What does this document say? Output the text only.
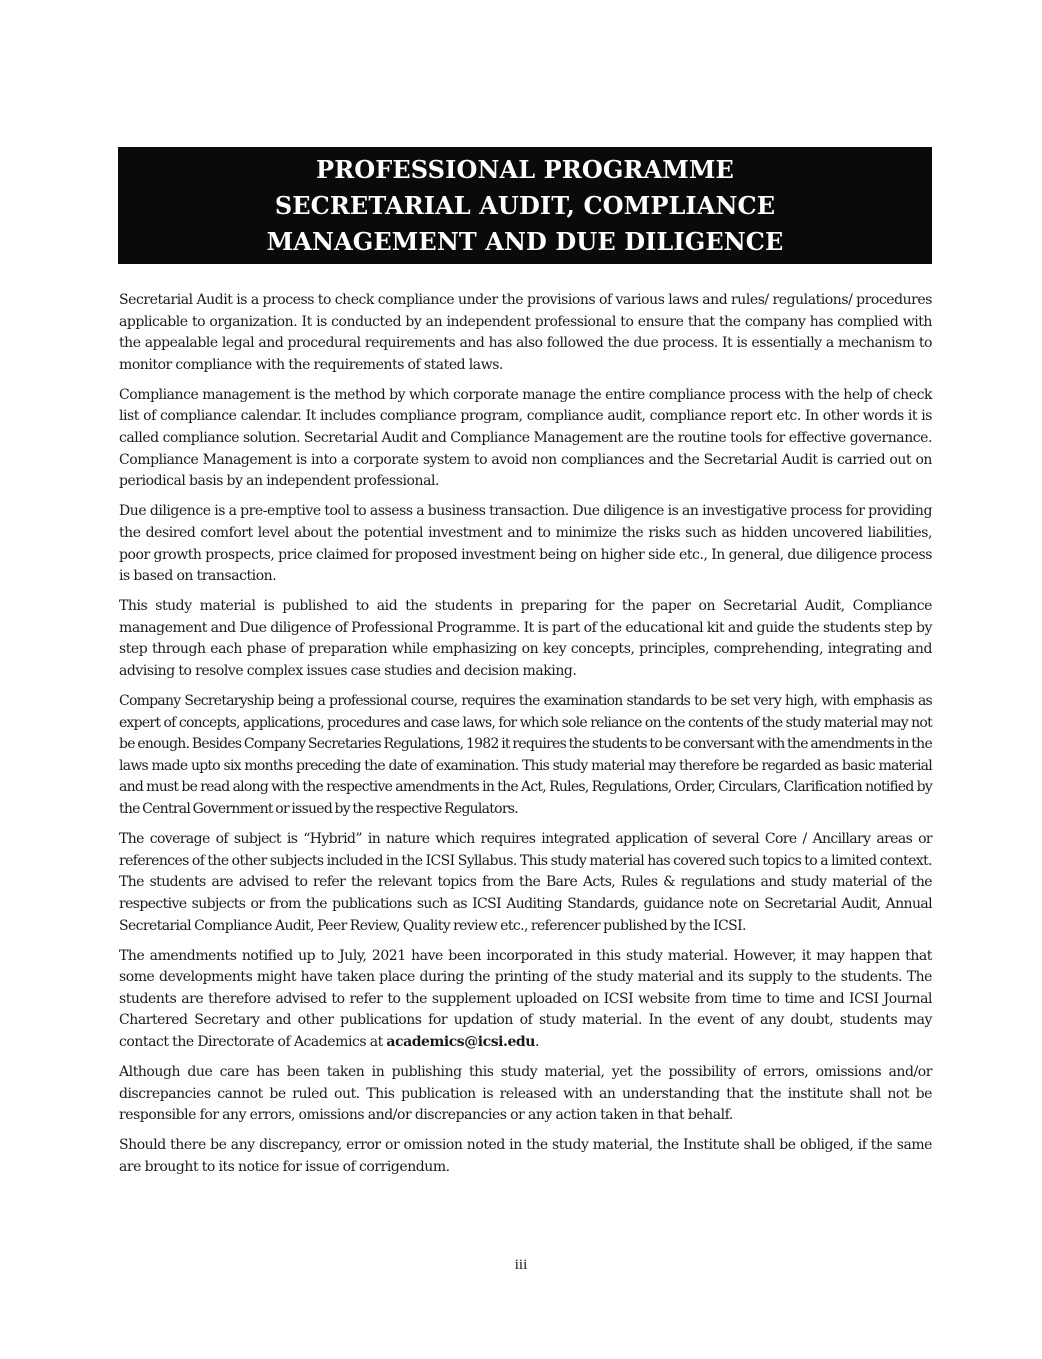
PROFESSIONAL PROGRAMME
SECRETARIAL AUDIT, COMPLIANCE
MANAGEMENT AND DUE DILIGENCE

Secretarial Audit is a process to check compliance under the provisions of various laws and rules/ regulations/ procedures applicable to organization. It is conducted by an independent professional to ensure that the company has complied with the appealable legal and procedural requirements and has also followed the due process. It is essentially a mechanism to monitor compliance with the requirements of stated laws.

Compliance management is the method by which corporate manage the entire compliance process with the help of check list of compliance calendar. It includes compliance program, compliance audit, compliance report etc. In other words it is called compliance solution. Secretarial Audit and Compliance Management are the routine tools for effective governance. Compliance Management is into a corporate system to avoid non compliances and the Secretarial Audit is carried out on periodical basis by an independent professional.

Due diligence is a pre-emptive tool to assess a business transaction. Due diligence is an investigative process for providing the desired comfort level about the potential investment and to minimize the risks such as hidden uncovered liabilities, poor growth prospects, price claimed for proposed investment being on higher side etc., In general, due diligence process is based on transaction.

This study material is published to aid the students in preparing for the paper on Secretarial Audit, Compliance management and Due diligence of Professional Programme. It is part of the educational kit and guide the students step by step through each phase of preparation while emphasizing on key concepts, principles, comprehending, integrating and advising to resolve complex issues case studies and decision making.

Company Secretaryship being a professional course, requires the examination standards to be set very high, with emphasis as expert of concepts, applications, procedures and case laws, for which sole reliance on the contents of the study material may not be enough. Besides Company Secretaries Regulations, 1982 it requires the students to be conversant with the amendments in the laws made upto six months preceding the date of examination. This study material may therefore be regarded as basic material and must be read along with the respective amendments in the Act, Rules, Regulations, Order, Circulars, Clarification notified by the Central Government or issued by the respective Regulators.

The coverage of subject is “Hybrid” in nature which requires integrated application of several Core / Ancillary areas or references of the other subjects included in the ICSI Syllabus. This study material has covered such topics to a limited context. The students are advised to refer the relevant topics from the Bare Acts, Rules & regulations and study material of the respective subjects or from the publications such as ICSI Auditing Standards, guidance note on Secretarial Audit, Annual Secretarial Compliance Audit, Peer Review, Quality review etc., referencer published by the ICSI.

The amendments notified up to July, 2021 have been incorporated in this study material. However, it may happen that some developments might have taken place during the printing of the study material and its supply to the students. The students are therefore advised to refer to the supplement uploaded on ICSI website from time to time and ICSI Journal Chartered Secretary and other publications for updation of study material. In the event of any doubt, students may contact the Directorate of Academics at academics@icsi.edu.

Although due care has been taken in publishing this study material, yet the possibility of errors, omissions and/or discrepancies cannot be ruled out. This publication is released with an understanding that the institute shall not be responsible for any errors, omissions and/or discrepancies or any action taken in that behalf.

Should there be any discrepancy, error or omission noted in the study material, the Institute shall be obliged, if the same are brought to its notice for issue of corrigendum.

iii
